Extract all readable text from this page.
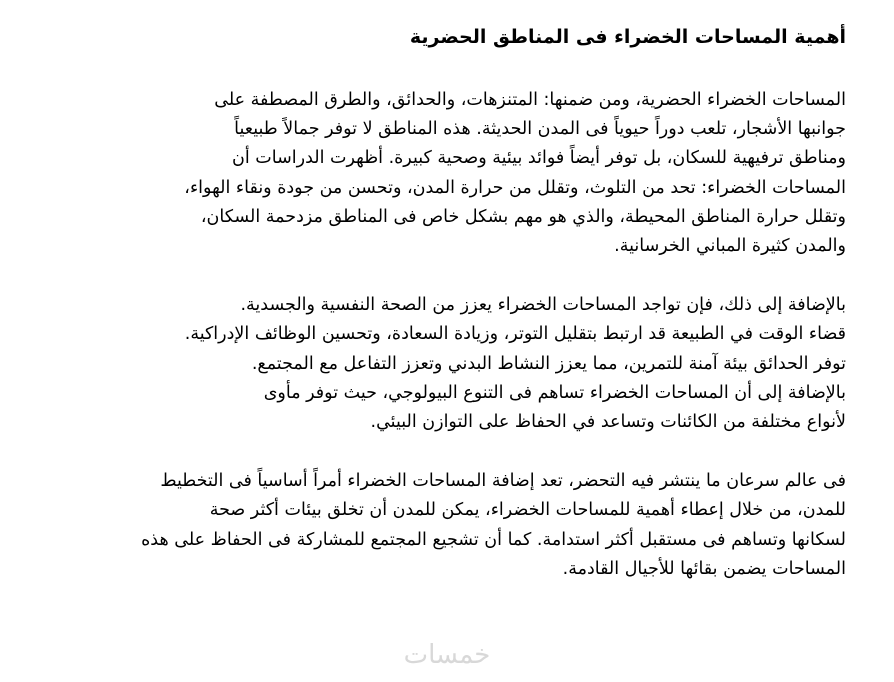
أهمية المساحات الخضراء فى المناطق الحضرية

المساحات الخضراء الحضرية، ومن ضمنها: المتنزهات، والحدائق، والطرق المصطفة على
جوانبها الأشجار، تلعب دوراً حيوياً فى المدن الحديثة. هذه المناطق لا توفر جمالاً طبيعياً
ومناطق ترفيهية للسكان، بل توفر أيضاً فوائد بيئية وصحية كبيرة. أظهرت الدراسات أن
المساحات الخضراء: تحد من التلوث، وتقلل من حرارة المدن، وتحسن من جودة ونقاء الهواء،
وتقلل حرارة المناطق المحيطة، والذي هو مهم بشكل خاص فى المناطق مزدحمة السكان،
والمدن كثيرة المباني الخرسانية.

بالإضافة إلى ذلك، فإن تواجد المساحات الخضراء يعزز من الصحة النفسية والجسدية.
قضاء الوقت في الطبيعة قد ارتبط بتقليل التوتر، وزيادة السعادة، وتحسين الوظائف الإدراكية.
توفر الحدائق بيئة آمنة للتمرين، مما يعزز النشاط البدني وتعزز التفاعل مع المجتمع.
بالإضافة إلى أن المساحات الخضراء تساهم فى التنوع البيولوجي، حيث توفر مأوى
لأنواع مختلفة من الكائنات وتساعد في الحفاظ على التوازن البيئي.

فى عالم سرعان ما ينتشر فيه التحضر، تعد إضافة المساحات الخضراء أمراً أساسياً فى التخطيط
للمدن، من خلال إعطاء أهمية للمساحات الخضراء، يمكن للمدن أن تخلق بيئات أكثر صحة
لسكانها وتساهم فى مستقبل أكثر استدامة. كما أن تشجيع المجتمع للمشاركة فى الحفاظ على هذه
المساحات يضمن بقائها للأجيال القادمة.

خمسات
